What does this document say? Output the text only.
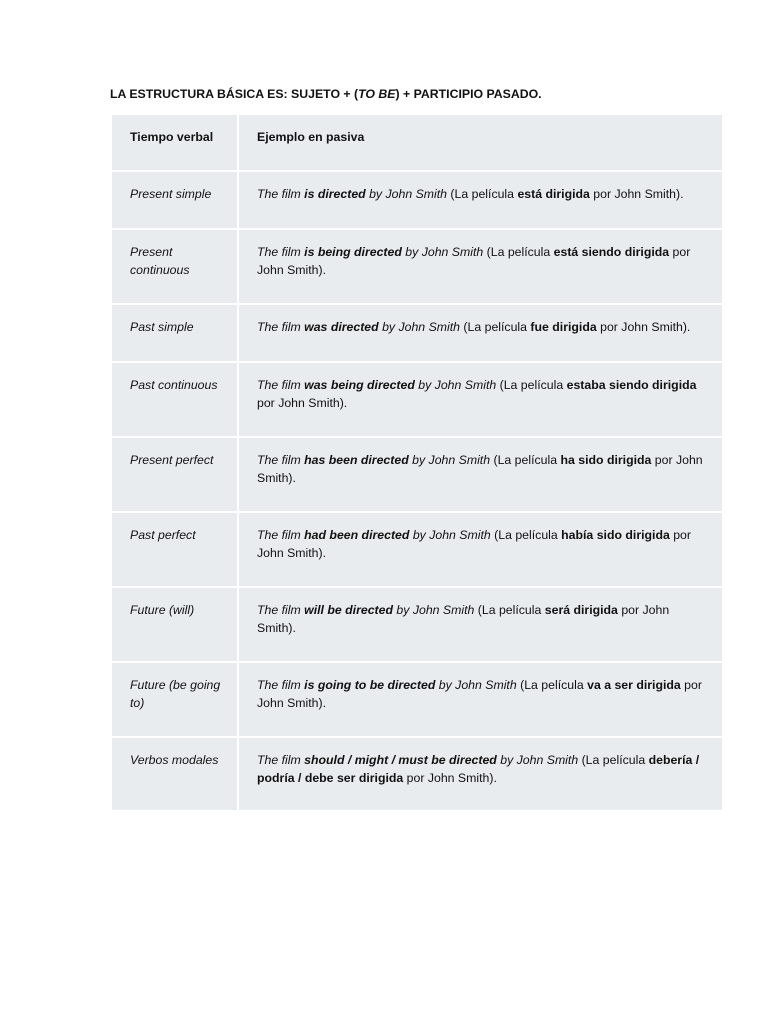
LA ESTRUCTURA BÁSICA ES: SUJETO + (TO BE) + PARTICIPIO PASADO.
Tiempo verbal	Ejemplo en pasiva
Present simple	The film is directed by John Smith (La película está dirigida por John Smith).
Present continuous	The film is being directed by John Smith (La película está siendo dirigida por John Smith).
Past simple	The film was directed by John Smith (La película fue dirigida por John Smith).
Past continuous	The film was being directed by John Smith (La película estaba siendo dirigida por John Smith).
Present perfect	The film has been directed by John Smith (La película ha sido dirigida por John Smith).
Past perfect	The film had been directed by John Smith (La película había sido dirigida por John Smith).
Future (will)	The film will be directed by John Smith (La película será dirigida por John Smith).
Future (be going to)	The film is going to be directed by John Smith (La película va a ser dirigida por John Smith).
Verbos modales	The film should / might / must be directed by John Smith (La película debería / podría / debe ser dirigida por John Smith).
